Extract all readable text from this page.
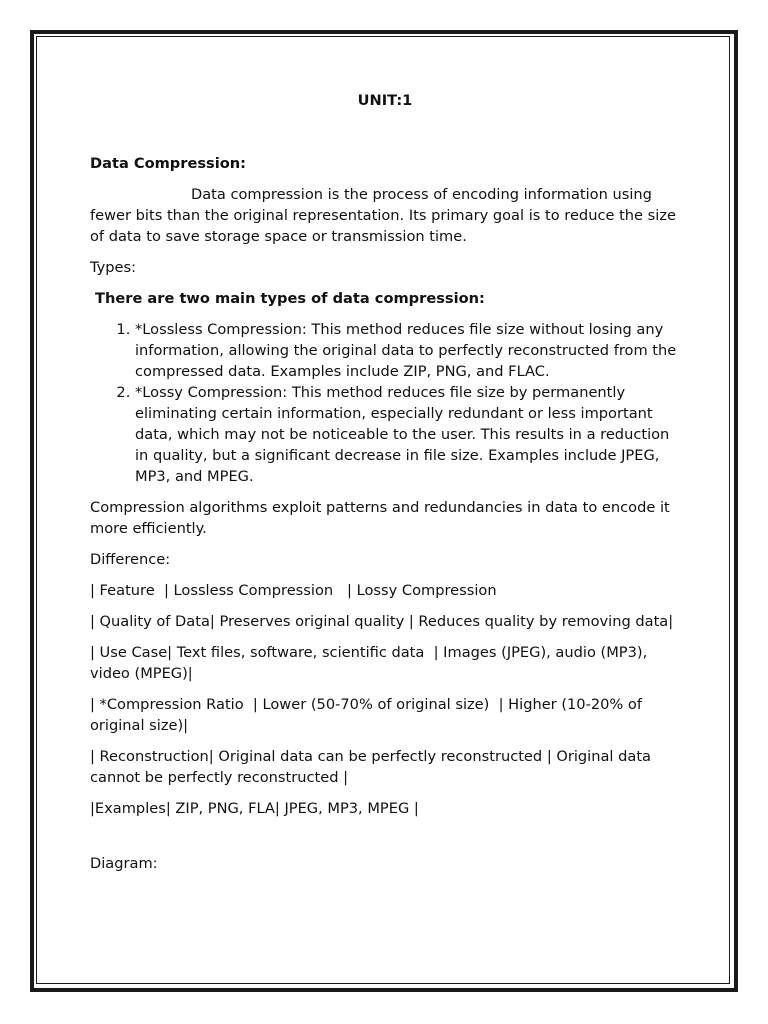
UNIT:1
Data Compression:

Data compression is the process of encoding information using fewer bits than the original representation. Its primary goal is to reduce the size of data to save storage space or transmission time.

Types:

There are two main types of data compression:
1. *Lossless Compression: This method reduces file size without losing any information, allowing the original data to perfectly reconstructed from the compressed data. Examples include ZIP, PNG, and FLAC.
2. *Lossy Compression: This method reduces file size by permanently eliminating certain information, especially redundant or less important data, which may not be noticeable to the user. This results in a reduction in quality, but a significant decrease in file size. Examples include JPEG, MP3, and MPEG.

Compression algorithms exploit patterns and redundancies in data to encode it more efficiently.

Difference:

| Feature  | Lossless Compression   | Lossy Compression

| Quality of Data| Preserves original quality | Reduces quality by removing data|

| Use Case| Text files, software, scientific data  | Images (JPEG), audio (MP3), video (MPEG)|

| *Compression Ratio  | Lower (50-70% of original size)  | Higher (10-20% of original size)|

| Reconstruction| Original data can be perfectly reconstructed | Original data cannot be perfectly reconstructed |

|Examples| ZIP, PNG, FLA| JPEG, MP3, MPEG |

Diagram:
